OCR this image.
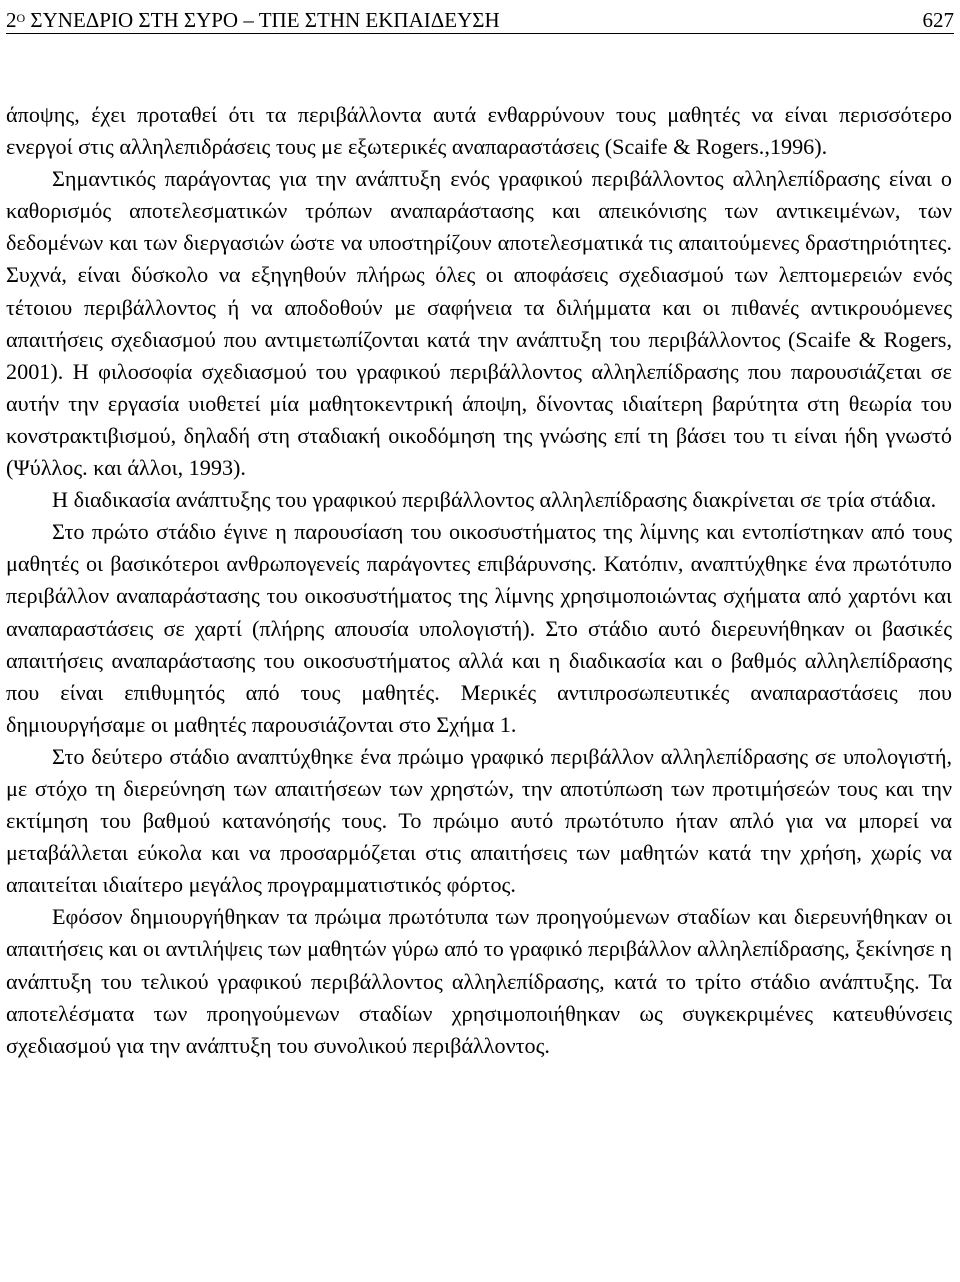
$2^O$ ΣΥΝΕΔΡΙΟ ΣΤΗ ΣΥΡΟ – ΤΠΕ ΣΤΗΝ ΕΚΠΑΙΔΕΥΣΗ	627

άποψης, έχει προταθεί ότι τα περιβάλλοντα αυτά ενθαρρύνουν τους μαθητές να είναι περισσότερο ενεργοί στις αλληλεπιδράσεις τους με εξωτερικές αναπαραστάσεις (Scaife & Rogers.,1996).

Σημαντικός παράγοντας για την ανάπτυξη ενός γραφικού περιβάλλοντος αλληλεπίδρασης είναι ο καθορισμός αποτελεσματικών τρόπων αναπαράστασης και απεικόνισης των αντικειμένων, των δεδομένων και των διεργασιών ώστε να υποστηρίζουν αποτελεσματικά τις απαιτούμενες δραστηριότητες. Συχνά, είναι δύσκολο να εξηγηθούν πλήρως όλες οι αποφάσεις σχεδιασμού των λεπτομερειών ενός τέτοιου περιβάλλοντος ή να αποδοθούν με σαφήνεια τα διλήμματα και οι πιθανές αντικρουόμενες απαιτήσεις σχεδιασμού που αντιμετωπίζονται κατά την ανάπτυξη του περιβάλλοντος (Scaife & Rogers, 2001). Η φιλοσοφία σχεδιασμού του γραφικού περιβάλλοντος αλληλεπίδρασης που παρουσιάζεται σε αυτήν την εργασία υιοθετεί μία μαθητοκεντρική άποψη, δίνοντας ιδιαίτερη βαρύτητα στη θεωρία του κονστρακτιβισμού, δηλαδή στη σταδιακή οικοδόμηση της γνώσης επί τη βάσει του τι είναι ήδη γνωστό (Ψύλλος. και άλλοι, 1993).

Η διαδικασία ανάπτυξης του γραφικού περιβάλλοντος αλληλεπίδρασης διακρίνεται σε τρία στάδια.

Στο πρώτο στάδιο έγινε η παρουσίαση του οικοσυστήματος της λίμνης και εντοπίστηκαν από τους μαθητές οι βασικότεροι ανθρωπογενείς παράγοντες επιβάρυνσης. Κατόπιν, αναπτύχθηκε ένα πρωτότυπο περιβάλλον αναπαράστασης του οικοσυστήματος της λίμνης χρησιμοποιώντας σχήματα από χαρτόνι και αναπαραστάσεις σε χαρτί (πλήρης απουσία υπολογιστή). Στο στάδιο αυτό διερευνήθηκαν οι βασικές απαιτήσεις αναπαράστασης του οικοσυστήματος αλλά και η διαδικασία και ο βαθμός αλληλεπίδρασης που είναι επιθυμητός από τους μαθητές. Μερικές αντιπροσωπευτικές αναπαραστάσεις που δημιουργήσαμε οι μαθητές παρουσιάζονται στο Σχήμα 1.

Στο δεύτερο στάδιο αναπτύχθηκε ένα πρώιμο γραφικό περιβάλλον αλληλεπίδρασης σε υπολογιστή, με στόχο τη διερεύνηση των απαιτήσεων των χρηστών, την αποτύπωση των προτιμήσεών τους και την εκτίμηση του βαθμού κατανόησής τους. Το πρώιμο αυτό πρωτότυπο ήταν απλό για να μπορεί να μεταβάλλεται εύκολα και να προσαρμόζεται στις απαιτήσεις των μαθητών κατά την χρήση, χωρίς να απαιτείται ιδιαίτερο μεγάλος προγραμματιστικός φόρτος.

Εφόσον δημιουργήθηκαν τα πρώιμα πρωτότυπα των προηγούμενων σταδίων και διερευνήθηκαν οι απαιτήσεις και οι αντιλήψεις των μαθητών γύρω από το γραφικό περιβάλλον αλληλεπίδρασης, ξεκίνησε η ανάπτυξη του τελικού γραφικού περιβάλλοντος αλληλεπίδρασης, κατά το τρίτο στάδιο ανάπτυξης. Τα αποτελέσματα των προηγούμενων σταδίων χρησιμοποιήθηκαν ως συγκεκριμένες κατευθύνσεις σχεδιασμού για την ανάπτυξη του συνολικού περιβάλλοντος.
